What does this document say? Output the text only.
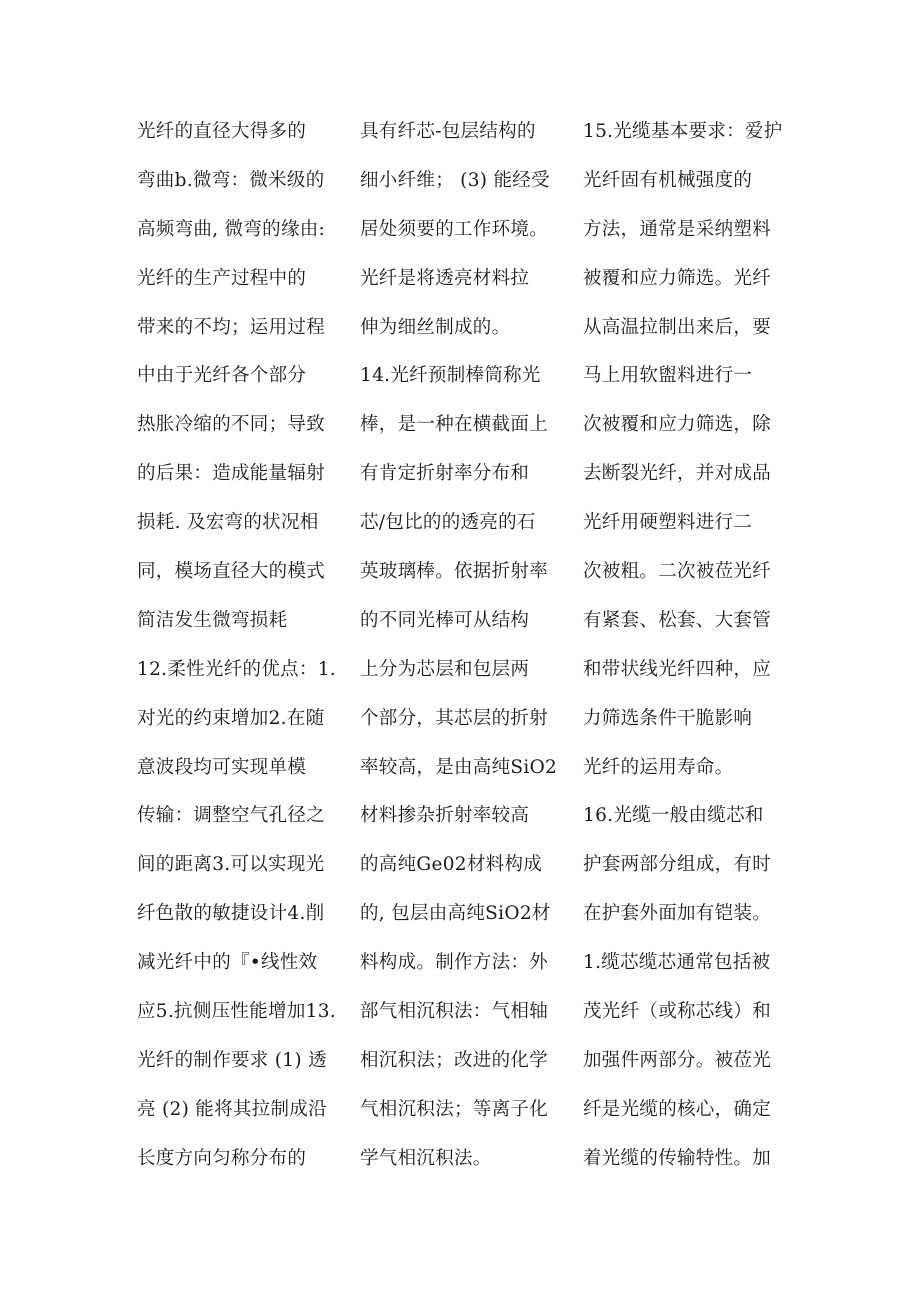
光纤的直径大得多的
弯曲b.微弯：微米级的
高频弯曲, 微弯的缘由:
光纤的生产过程中的
带来的不均；运用过程
中由于光纤各个部分
热胀冷缩的不同；导致
的后果：造成能量辐射
损耗. 及宏弯的状况相
同，模场直径大的模式
简洁发生微弯损耗
12.柔性光纤的优点：1.
对光的约束增加2.在随
意波段均可实现单模
传输：调整空气孔径之
间的距离3.可以实现光
纤色散的敏捷设计4.削
减光纤中的『•线性效
应5.抗侧压性能增加13.
光纤的制作要求 (1) 透
亮 (2) 能将其拉制成沿
长度方向匀称分布的
具有纤芯-包层结构的
细小纤维； (3) 能经受
居处须要的工作环境。
光纤是将透亮材料拉
伸为细丝制成的。
14.光纤预制棒筒称光
棒，是一种在横截面上
有肯定折射率分布和
芯/包比的的透亮的石
英玻璃棒。依据折射率
的不同光棒可从结构
上分为芯层和包层两
个部分，其芯层的折射
率较高，是由高纯SiO2
材料掺杂折射率较高
的高纯Ge02材料构成
的, 包层由高纯SiO2材
料构成。制作方法：外
部气相沉积法：气相轴
相沉积法；改进的化学
气相沉积法；等离子化
学气相沉积法。
15.光缆基本要求：爱护
光纤固有机械强度的
方法，通常是采纳塑料
被覆和应力筛选。光纤
从高温拉制出来后，要
马上用软盥料进行一
次被覆和应力筛选，除
去断裂光纤，并对成品
光纤用硬塑料进行二
次被粗。二次被莅光纤
有紧套、松套、大套管
和带状线光纤四种，应
力筛选条件干脆影响
光纤的运用寿命。
16.光缆一般由缆芯和
护套两部分组成，有时
在护套外面加有铠装。
1.缆芯缆芯通常包括被
茂光纤（或称芯线）和
加强件两部分。被莅光
纤是光缆的核心，确定
着光缆的传输特性。加
